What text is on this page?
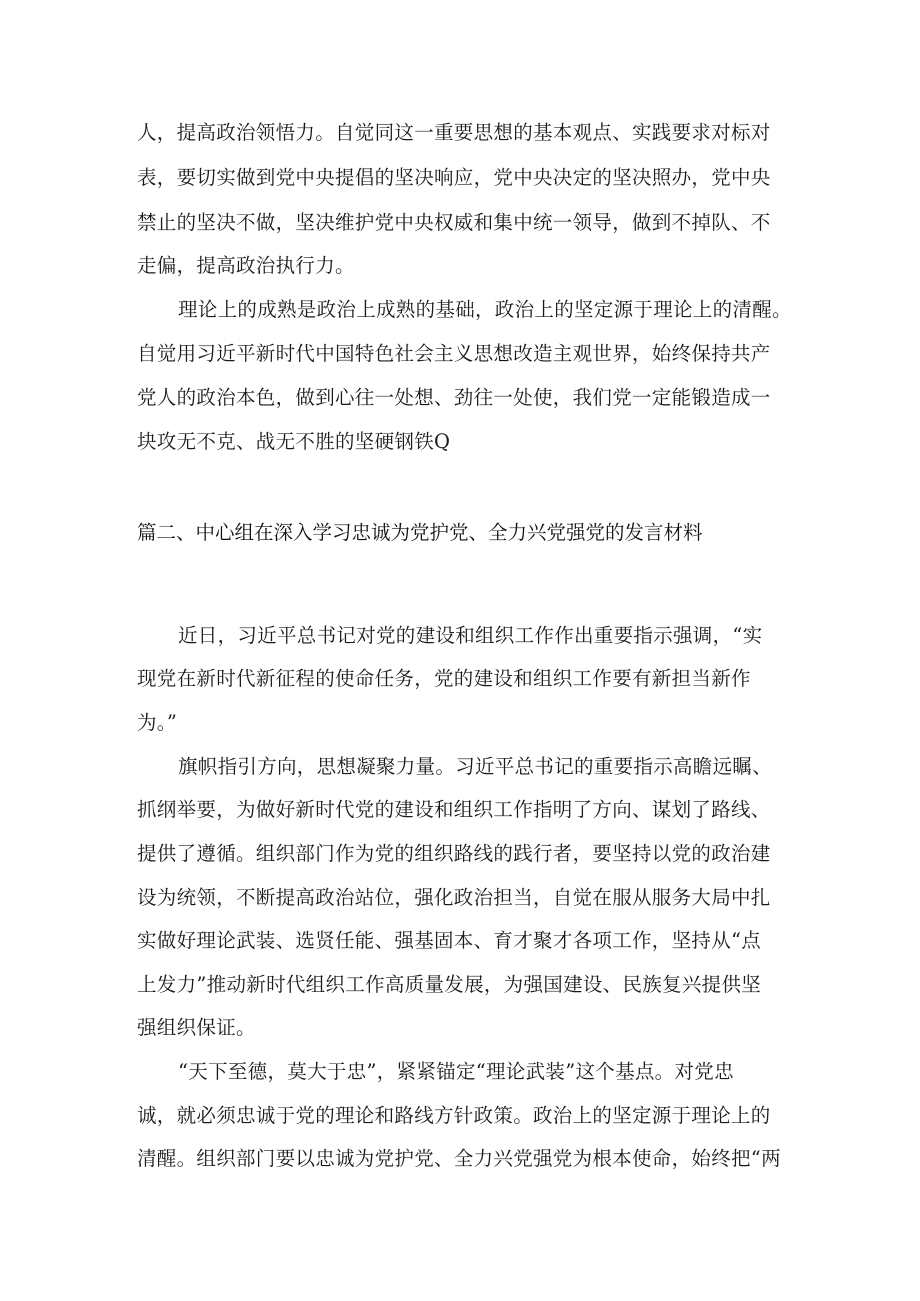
人，提高政治领悟力。自觉同这一重要思想的基本观点、实践要求对标对
表，要切实做到党中央提倡的坚决响应，党中央决定的坚决照办，党中央
禁止的坚决不做，坚决维护党中央权威和集中统一领导，做到不掉队、不
走偏，提高政治执行力。
理论上的成熟是政治上成熟的基础，政治上的坚定源于理论上的清醒。
自觉用习近平新时代中国特色社会主义思想改造主观世界，始终保持共产
党人的政治本色，做到心往一处想、劲往一处使，我们党一定能锻造成一
块攻无不克、战无不胜的坚硬钢铁Q
篇二、中心组在深入学习忠诚为党护党、全力兴党强党的发言材料
近日，习近平总书记对党的建设和组织工作作出重要指示强调，“实
现党在新时代新征程的使命任务，党的建设和组织工作要有新担当新作
为。”
旗帜指引方向，思想凝聚力量。习近平总书记的重要指示高瞻远瞩、
抓纲举要，为做好新时代党的建设和组织工作指明了方向、谋划了路线、
提供了遵循。组织部门作为党的组织路线的践行者，要坚持以党的政治建
设为统领，不断提高政治站位，强化政治担当，自觉在服从服务大局中扎
实做好理论武装、选贤任能、强基固本、育才聚才各项工作，坚持从“点
上发力”推动新时代组织工作高质量发展，为强国建设、民族复兴提供坚
强组织保证。
“天下至德，莫大于忠”，紧紧锚定“理论武装”这个基点。对党忠
诚，就必须忠诚于党的理论和路线方针政策。政治上的坚定源于理论上的
清醒。组织部门要以忠诚为党护党、全力兴党强党为根本使命，始终把“两
